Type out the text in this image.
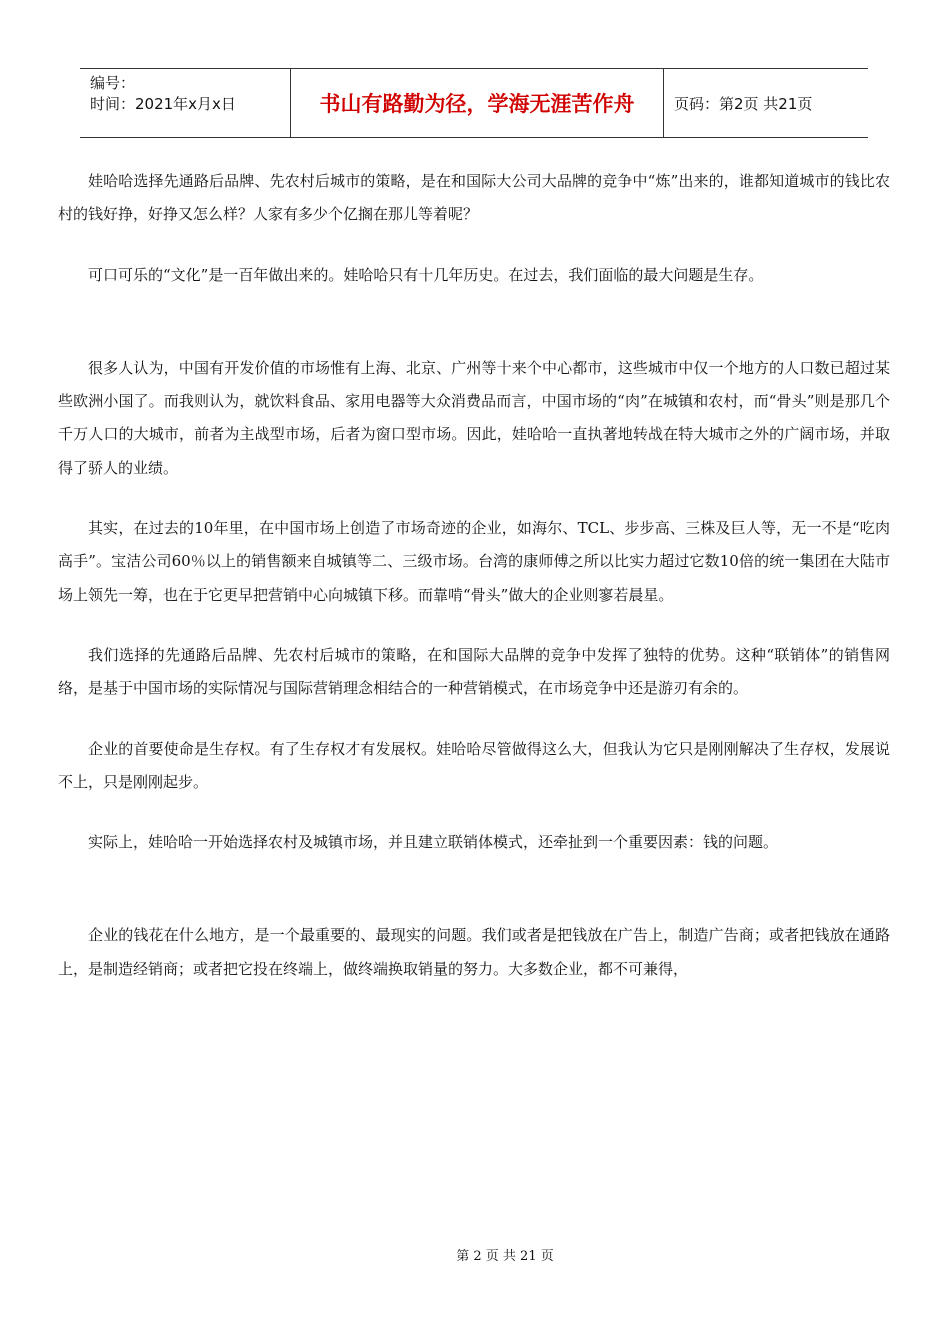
编号：
时间：2021年x月x日	书山有路勤为径，学海无涯苦作舟	页码：第2页 共21页

娃哈哈选择先通路后品牌、先农村后城市的策略，是在和国际大公司大品牌的竞争中“炼”出来的，谁都知道城市的钱比农村的钱好挣，好挣又怎么样？人家有多少个亿搁在那儿等着呢？

可口可乐的“文化”是一百年做出来的。娃哈哈只有十几年历史。在过去，我们面临的最大问题是生存。

很多人认为，中国有开发价值的市场惟有上海、北京、广州等十来个中心都市，这些城市中仅一个地方的人口数已超过某些欧洲小国了。而我则认为，就饮料食品、家用电器等大众消费品而言，中国市场的“肉”在城镇和农村，而“骨头”则是那几个千万人口的大城市，前者为主战型市场，后者为窗口型市场。因此，娃哈哈一直执著地转战在特大城市之外的广阔市场，并取得了骄人的业绩。

其实，在过去的10年里，在中国市场上创造了市场奇迹的企业，如海尔、TCL、步步高、三株及巨人等，无一不是“吃肉高手”。宝洁公司60％以上的销售额来自城镇等二、三级市场。台湾的康师傅之所以比实力超过它数10倍的统一集团在大陆市场上领先一筹，也在于它更早把营销中心向城镇下移。而靠啃“骨头”做大的企业则寥若晨星。

我们选择的先通路后品牌、先农村后城市的策略，在和国际大品牌的竞争中发挥了独特的优势。这种“联销体”的销售网络，是基于中国市场的实际情况与国际营销理念相结合的一种营销模式，在市场竞争中还是游刃有余的。

企业的首要使命是生存权。有了生存权才有发展权。娃哈哈尽管做得这么大，但我认为它只是刚刚解决了生存权，发展说不上，只是刚刚起步。

实际上，娃哈哈一开始选择农村及城镇市场，并且建立联销体模式，还牵扯到一个重要因素：钱的问题。

企业的钱花在什么地方，是一个最重要的、最现实的问题。我们或者是把钱放在广告上，制造广告商；或者把钱放在通路上，是制造经销商；或者把它投在终端上，做终端换取销量的努力。大多数企业，都不可兼得，

第 2 页 共 21 页
